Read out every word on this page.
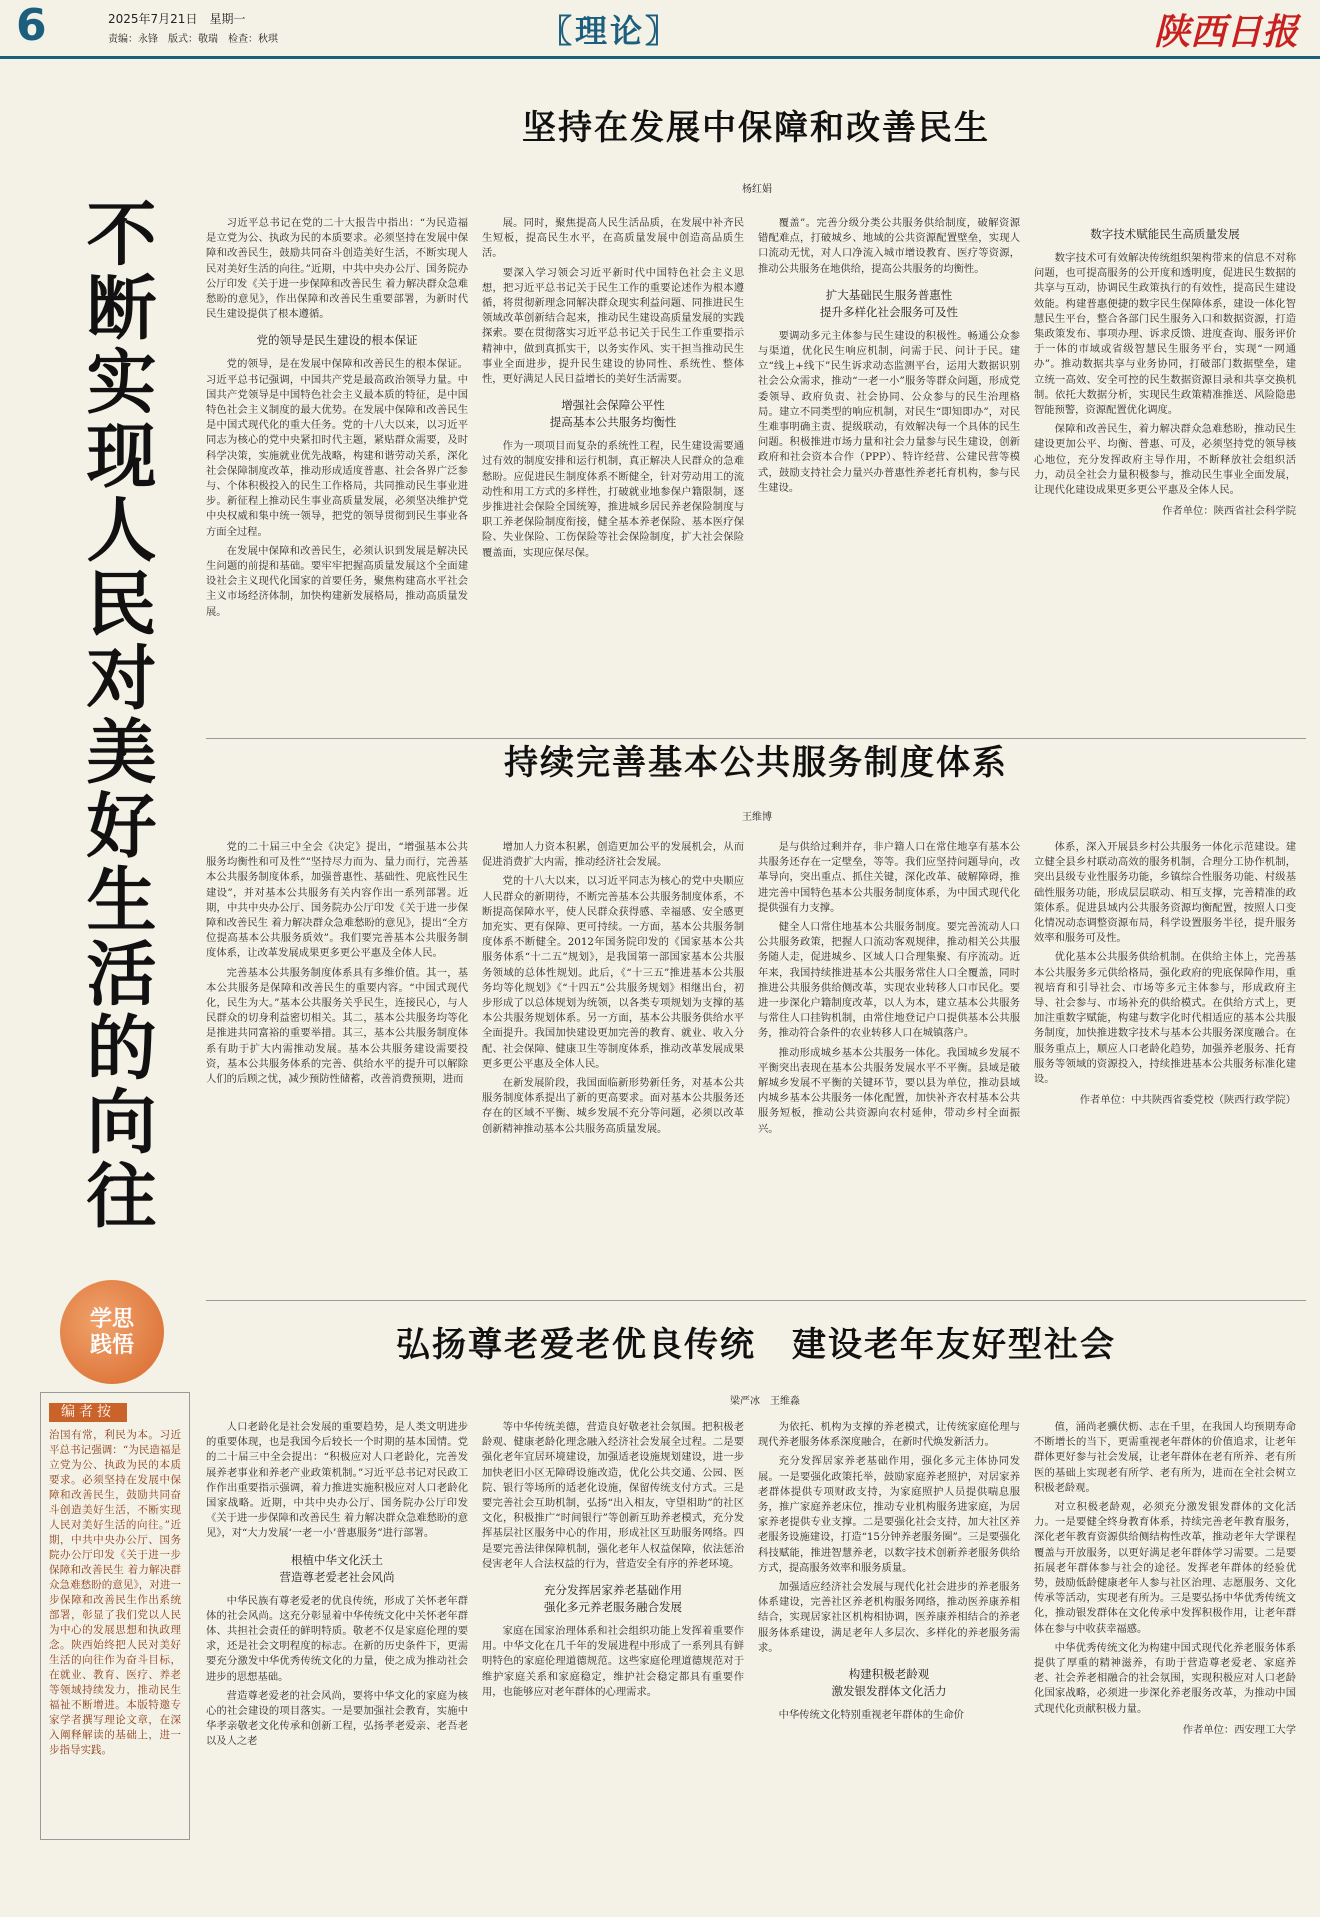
6	2025年7月21日　星期一
责编：永锋　版式：敬瑞　检查：秋琪	〖理论〗	陕西日报
不断实现人民对美好生活的向往
学思
践悟
编者按
治国有常，利民为本。习近平总书记强调：“为民造福是立党为公、执政为民的本质要求。必须坚持在发展中保障和改善民生，鼓励共同奋斗创造美好生活，不断实现人民对美好生活的向往。”近期，中共中央办公厅、国务院办公厅印发《关于进一步保障和改善民生 着力解决群众急难愁盼的意见》，对进一步保障和改善民生作出系统部署，彰显了我们党以人民为中心的发展思想和执政理念。陕西始终把人民对美好生活的向往作为奋斗目标，在就业、教育、医疗、养老等领域持续发力，推动民生福祉不断增进。本版特邀专家学者撰写理论文章，在深入阐释解读的基础上，进一步指导实践。
坚持在发展中保障和改善民生
杨红娟

习近平总书记在党的二十大报告中指出：“为民造福是立党为公、执政为民的本质要求。必须坚持在发展中保障和改善民生，鼓励共同奋斗创造美好生活，不断实现人民对美好生活的向往。”近期，中共中央办公厅、国务院办公厅印发《关于进一步保障和改善民生 着力解决群众急难愁盼的意见》，作出保障和改善民生重要部署，为新时代民生建设提供了根本遵循。

党的领导是民生建设的根本保证

党的领导，是在发展中保障和改善民生的根本保证。习近平总书记强调，中国共产党是最高政治领导力量。中国共产党领导是中国特色社会主义最本质的特征，是中国特色社会主义制度的最大优势。在发展中保障和改善民生是中国式现代化的重大任务。党的十八大以来，以习近平同志为核心的党中央紧扣时代主题，紧贴群众需要，及时科学决策，实施就业优先战略，构建和谐劳动关系，深化社会保障制度改革，推动形成适度普惠、社会各界广泛参与、个体积极投入的民生工作格局，共同推动民生事业进步。新征程上推动民生事业高质量发展，必须坚决维护党中央权威和集中统一领导，把党的领导贯彻到民生事业各方面全过程。

在发展中保障和改善民生，必须认识到发展是解决民生问题的前提和基础。要牢牢把握高质量发展这个全面建设社会主义现代化国家的首要任务，聚焦构建高水平社会主义市场经济体制，加快构建新发展格局，推动高质量发展。

展。同时，聚焦提高人民生活品质，在发展中补齐民生短板，提高民生水平，在高质量发展中创造高品质生活。

要深入学习领会习近平新时代中国特色社会主义思想，把习近平总书记关于民生工作的重要论述作为根本遵循，将贯彻新理念同解决群众现实利益问题、同推进民生领域改革创新结合起来，推动民生建设高质量发展的实践探索。要在贯彻落实习近平总书记关于民生工作重要指示精神中，做到真抓实干，以务实作风、实干担当推动民生事业全面进步，提升民生建设的协同性、系统性、整体性，更好满足人民日益增长的美好生活需要。

增强社会保障公平性
提高基本公共服务均衡性

作为一项项目而复杂的系统性工程，民生建设需要通过有效的制度安排和运行机制，真正解决人民群众的急难愁盼。应促进民生制度体系不断健全，针对劳动用工的流动性和用工方式的多样性，打破就业地参保户籍限制，逐步推进社会保险全国统筹，推进城乡居民养老保险制度与职工养老保险制度衔接，健全基本养老保险、基本医疗保险、失业保险、工伤保险等社会保险制度，扩大社会保险覆盖面，实现应保尽保。

覆盖”。完善分级分类公共服务供给制度，破解资源错配难点，打破城乡、地域的公共资源配置壁垒，实现人口流动无忧，对人口净流入城市增设教育、医疗等资源，推动公共服务在地供给，提高公共服务的均衡性。

扩大基础民生服务普惠性
提升多样化社会服务可及性

要调动多元主体参与民生建设的积极性。畅通公众参与渠道，优化民生响应机制，问需于民、问计于民。建立“线上+线下”民生诉求动态监测平台，运用大数据识别社会公众需求，推动“一老一小”服务等群众问题，形成党委领导、政府负责、社会协同、公众参与的民生治理格局。建立不同类型的响应机制，对民生“即知即办”，对民生难事明确主责、提级联动，有效解决每一个具体的民生问题。积极推进市场力量和社会力量参与民生建设，创新政府和社会资本合作（PPP）、特许经营、公建民营等模式，鼓励支持社会力量兴办普惠性养老托育机构，参与民生建设。

数字技术赋能民生高质量发展

数字技术可有效解决传统组织架构带来的信息不对称问题，也可提高服务的公开度和透明度，促进民生数据的共享与互动，协调民生政策执行的有效性，提高民生建设效能。构建普惠便捷的数字民生保障体系，建设一体化智慧民生平台，整合各部门民生服务入口和数据资源，打造集政策发布、事项办理、诉求反馈、进度查询、服务评价于一体的市域或省级智慧民生服务平台，实现“一网通办”。推动数据共享与业务协同，打破部门数据壁垒，建立统一高效、安全可控的民生数据资源目录和共享交换机制。依托大数据分析，实现民生政策精准推送、风险隐患智能预警，资源配置优化调度。

保障和改善民生，着力解决群众急难愁盼，推动民生建设更加公平、均衡、普惠、可及，必须坚持党的领导核心地位，充分发挥政府主导作用，不断释放社会组织活力，动员全社会力量积极参与，推动民生事业全面发展，让现代化建设成果更多更公平惠及全体人民。

作者单位：陕西省社会科学院

持续完善基本公共服务制度体系
王维博

党的二十届三中全会《决定》提出，“增强基本公共服务均衡性和可及性”“坚持尽力而为、量力而行，完善基本公共服务制度体系，加强普惠性、基础性、兜底性民生建设”，并对基本公共服务有关内容作出一系列部署。近期，中共中央办公厅、国务院办公厅印发《关于进一步保障和改善民生 着力解决群众急难愁盼的意见》，提出“全方位提高基本公共服务质效”。我们要完善基本公共服务制度体系，让改革发展成果更多更公平惠及全体人民。

完善基本公共服务制度体系具有多维价值。其一，基本公共服务是保障和改善民生的重要内容。“中国式现代化，民生为大。”基本公共服务关乎民生，连接民心，与人民群众的切身利益密切相关。其二，基本公共服务均等化是推进共同富裕的重要举措。其三，基本公共服务制度体系有助于扩大内需推动发展。基本公共服务建设需要投资，基本公共服务体系的完善、供给水平的提升可以解除人们的后顾之忧，减少预防性储蓄，改善消费预期，进而

增加人力资本积累，创造更加公平的发展机会，从而促进消费扩大内需，推动经济社会发展。

党的十八大以来，以习近平同志为核心的党中央顺应人民群众的新期待，不断完善基本公共服务制度体系，不断提高保障水平，使人民群众获得感、幸福感、安全感更加充实、更有保障、更可持续。一方面，基本公共服务制度体系不断健全。2012年国务院印发的《国家基本公共服务体系“十二五”规划》，是我国第一部国家基本公共服务领域的总体性规划。此后，《“十三五”推进基本公共服务均等化规划》《“十四五”公共服务规划》相继出台，初步形成了以总体规划为统领，以各类专项规划为支撑的基本公共服务规划体系。另一方面，基本公共服务供给水平全面提升。我国加快建设更加完善的教育、就业、收入分配、社会保障、健康卫生等制度体系，推动改革发展成果更多更公平惠及全体人民。

在新发展阶段，我国面临新形势新任务，对基本公共服务制度体系提出了新的更高要求。面对基本公共服务还存在的区域不平衡、城乡发展不充分等问题，必须以改革创新精神推动基本公共服务高质量发展。

是与供给过剩并存，非户籍人口在常住地享有基本公共服务还存在一定壁垒，等等。我们应坚持问题导向，改革导向，突出重点、抓住关键，深化改革、破解障碍，推进完善中国特色基本公共服务制度体系，为中国式现代化提供强有力支撑。

健全人口常住地基本公共服务制度。要完善流动人口公共服务政策，把握人口流动客观规律，推动相关公共服务随人走，促进城乡、区域人口合理集聚、有序流动。近年来，我国持续推进基本公共服务常住人口全覆盖，同时推进公共服务供给侧改革，实现农业转移人口市民化。要进一步深化户籍制度改革，以人为本，建立基本公共服务与常住人口挂钩机制，由常住地登记户口提供基本公共服务，推动符合条件的农业转移人口在城镇落户。

推动形成城乡基本公共服务一体化。我国城乡发展不平衡突出表现在基本公共服务发展水平不平衡。县域是破解城乡发展不平衡的关键环节，要以县为单位，推动县域内城乡基本公共服务一体化配置，加快补齐农村基本公共服务短板，推动公共资源向农村延伸，带动乡村全面振兴。

体系，深入开展县乡村公共服务一体化示范建设。建立健全县乡村联动高效的服务机制，合理分工协作机制，突出县级专业性服务功能，乡镇综合性服务功能、村级基础性服务功能，形成层层联动、相互支撑，完善精准的政策体系。促进县域内公共服务资源均衡配置，按照人口变化情况动态调整资源布局，科学设置服务半径，提升服务效率和服务可及性。

优化基本公共服务供给机制。在供给主体上，完善基本公共服务多元供给格局，强化政府的兜底保障作用，重视培育和引导社会、市场等多元主体参与，形成政府主导、社会参与、市场补充的供给模式。在供给方式上，更加注重数字赋能，构建与数字化时代相适应的基本公共服务制度，加快推进数字技术与基本公共服务深度融合。在服务重点上，顺应人口老龄化趋势，加强养老服务、托育服务等领域的资源投入，持续推进基本公共服务标准化建设。

作者单位：中共陕西省委党校（陕西行政学院）

弘扬尊老爱老优良传统　建设老年友好型社会
梁严冰　王维淼

人口老龄化是社会发展的重要趋势，是人类文明进步的重要体现，也是我国今后较长一个时期的基本国情。党的二十届三中全会提出：“积极应对人口老龄化，完善发展养老事业和养老产业政策机制。”习近平总书记对民政工作作出重要指示强调，着力推进实施积极应对人口老龄化国家战略。近期，中共中央办公厅、国务院办公厅印发《关于进一步保障和改善民生 着力解决群众急难愁盼的意见》，对“大力发展‘一老一小’普惠服务”进行部署。

根植中华文化沃土
营造尊老爱老社会风尚

中华民族有尊老爱老的优良传统，形成了关怀老年群体的社会风尚。这充分彰显着中华传统文化中关怀老年群体、共担社会责任的鲜明特质。敬老不仅是家庭伦理的要求，还是社会文明程度的标志。在新的历史条件下，更需要充分激发中华优秀传统文化的力量，使之成为推动社会进步的思想基础。

营造尊老爱老的社会风尚，要将中华文化的家庭为核心的社会建设的项目落实。一是要加强社会教育，实施中华孝亲敬老文化传承和创新工程，弘扬孝老爱亲、老吾老以及人之老

等中华传统美德，营造良好敬老社会氛围。把积极老龄观、健康老龄化理念融入经济社会发展全过程。二是要强化老年宜居环境建设，加强适老设施规划建设，进一步加快老旧小区无障碍设施改造，优化公共交通、公园、医院、银行等场所的适老化设施，保留传统支付方式。三是要完善社会互助机制，弘扬“出入相友，守望相助”的社区文化，积极推广“时间银行”等创新互助养老模式，充分发挥基层社区服务中心的作用，形成社区互助服务网络。四是要完善法律保障机制，强化老年人权益保障，依法惩治侵害老年人合法权益的行为，营造安全有序的养老环境。

充分发挥居家养老基础作用
强化多元养老服务融合发展

家庭在国家治理体系和社会组织功能上发挥着重要作用。中华文化在几千年的发展进程中形成了一系列具有鲜明特色的家庭伦理道德规范。这些家庭伦理道德规范对于维护家庭关系和家庭稳定，维护社会稳定都具有重要作用，也能够应对老年群体的心理需求。

为依托、机构为支撑的养老模式，让传统家庭伦理与现代养老服务体系深度融合，在新时代焕发新活力。

充分发挥居家养老基础作用，强化多元主体协同发展。一是要强化政策托举，鼓励家庭养老照护，对居家养老群体提供专项财政支持，为家庭照护人员提供喘息服务，推广家庭养老床位，推动专业机构服务进家庭，为居家养老提供专业支撑。二是要强化社会支持，加大社区养老服务设施建设，打造“15分钟养老服务圈”。三是要强化科技赋能，推进智慧养老，以数字技术创新养老服务供给方式，提高服务效率和服务质量。

加强适应经济社会发展与现代化社会进步的养老服务体系建设，完善社区养老机构服务网络，推动医养康养相结合，实现居家社区机构相协调，医养康养相结合的养老服务体系建设，满足老年人多层次、多样化的养老服务需求。

构建积极老龄观
激发银发群体文化活力

中华传统文化特别重视老年群体的生命价

值，涌尚老骥伏枥、志在千里，在我国人均预期寿命不断增长的当下，更需重视老年群体的价值追求，让老年群体更好参与社会发展，让老年群体在老有所养、老有所医的基础上实现老有所学、老有所为，进而在全社会树立积极老龄观。

对立积极老龄观，必须充分激发银发群体的文化活力。一是要健全终身教育体系，持续完善老年教育服务，深化老年教育资源供给侧结构性改革，推动老年大学课程覆盖与开放服务，以更好满足老年群体学习需要。二是要拓展老年群体参与社会的途径。发挥老年群体的经验优势，鼓励低龄健康老年人参与社区治理、志愿服务、文化传承等活动，实现老有所为。三是要弘扬中华优秀传统文化，推动银发群体在文化传承中发挥积极作用，让老年群体在参与中收获幸福感。

中华优秀传统文化为构建中国式现代化养老服务体系提供了厚重的精神滋养，有助于营造尊老爱老、家庭养老、社会养老相融合的社会氛围，实现积极应对人口老龄化国家战略，必须进一步深化养老服务改革，为推动中国式现代化贡献积极力量。

作者单位：西安理工大学
